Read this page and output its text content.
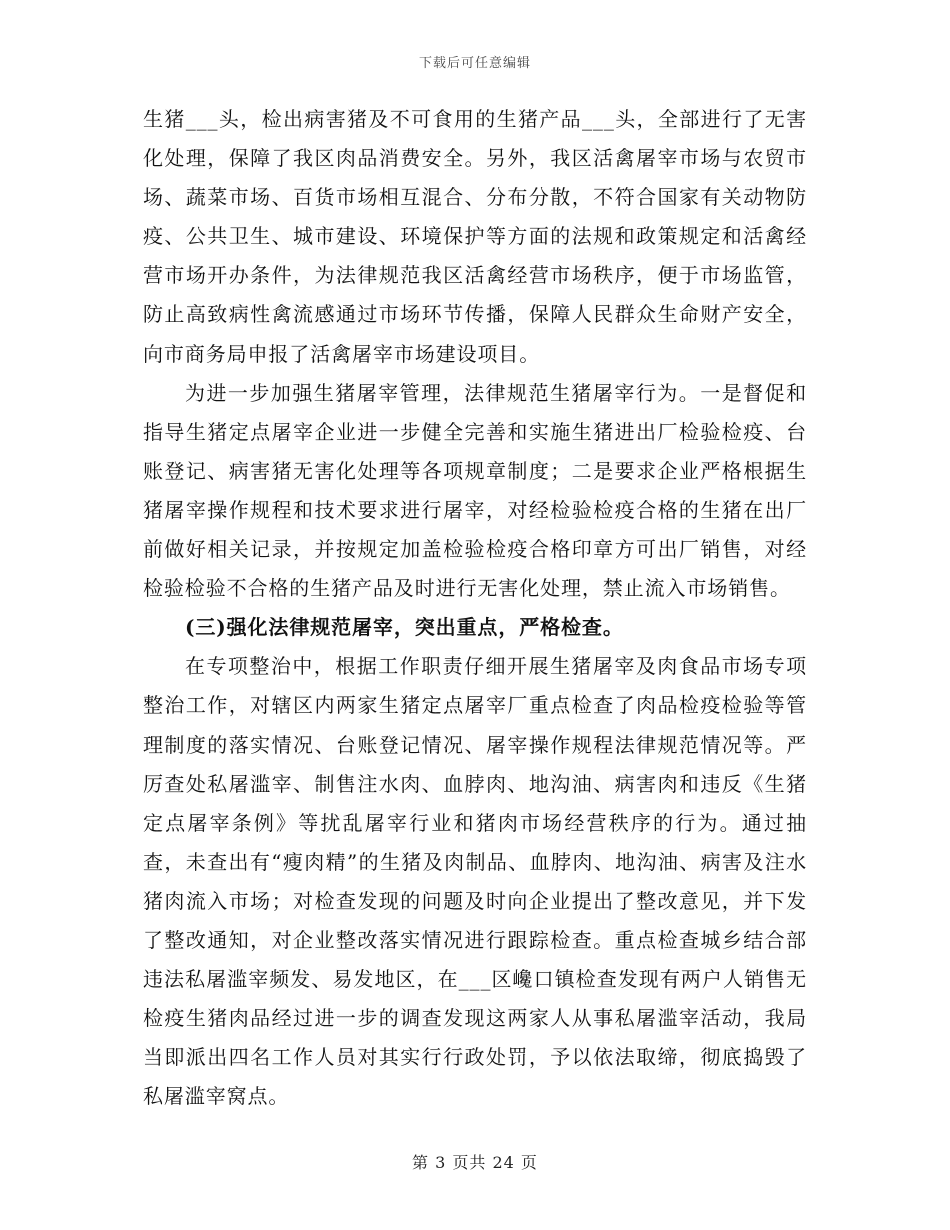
下载后可任意编辑

生猪___头，检出病害猪及不可食用的生猪产品___头，全部进行了无害化处理，保障了我区肉品消费安全。另外，我区活禽屠宰市场与农贸市场、蔬菜市场、百货市场相互混合、分布分散，不符合国家有关动物防疫、公共卫生、城市建设、环境保护等方面的法规和政策规定和活禽经营市场开办条件，为法律规范我区活禽经营市场秩序，便于市场监管，防止高致病性禽流感通过市场环节传播，保障人民群众生命财产安全，向市商务局申报了活禽屠宰市场建设项目。

为进一步加强生猪屠宰管理，法律规范生猪屠宰行为。一是督促和指导生猪定点屠宰企业进一步健全完善和实施生猪进出厂检验检疫、台账登记、病害猪无害化处理等各项规章制度；二是要求企业严格根据生猪屠宰操作规程和技术要求进行屠宰，对经检验检疫合格的生猪在出厂前做好相关记录，并按规定加盖检验检疫合格印章方可出厂销售，对经检验检验不合格的生猪产品及时进行无害化处理，禁止流入市场销售。

(三)强化法律规范屠宰，突出重点，严格检查。

在专项整治中，根据工作职责仔细开展生猪屠宰及肉食品市场专项整治工作，对辖区内两家生猪定点屠宰厂重点检查了肉品检疫检验等管理制度的落实情况、台账登记情况、屠宰操作规程法律规范情况等。严厉查处私屠滥宰、制售注水肉、血脖肉、地沟油、病害肉和违反《生猪定点屠宰条例》等扰乱屠宰行业和猪肉市场经营秩序的行为。通过抽查，未查出有“瘦肉精”的生猪及肉制品、血脖肉、地沟油、病害及注水猪肉流入市场；对检查发现的问题及时向企业提出了整改意见，并下发了整改通知，对企业整改落实情况进行跟踪检查。重点检查城乡结合部违法私屠滥宰频发、易发地区，在___区巉口镇检查发现有两户人销售无检疫生猪肉品经过进一步的调查发现这两家人从事私屠滥宰活动，我局当即派出四名工作人员对其实行行政处罚，予以依法取缔，彻底捣毁了私屠滥宰窝点。

第 3 页共 24 页
